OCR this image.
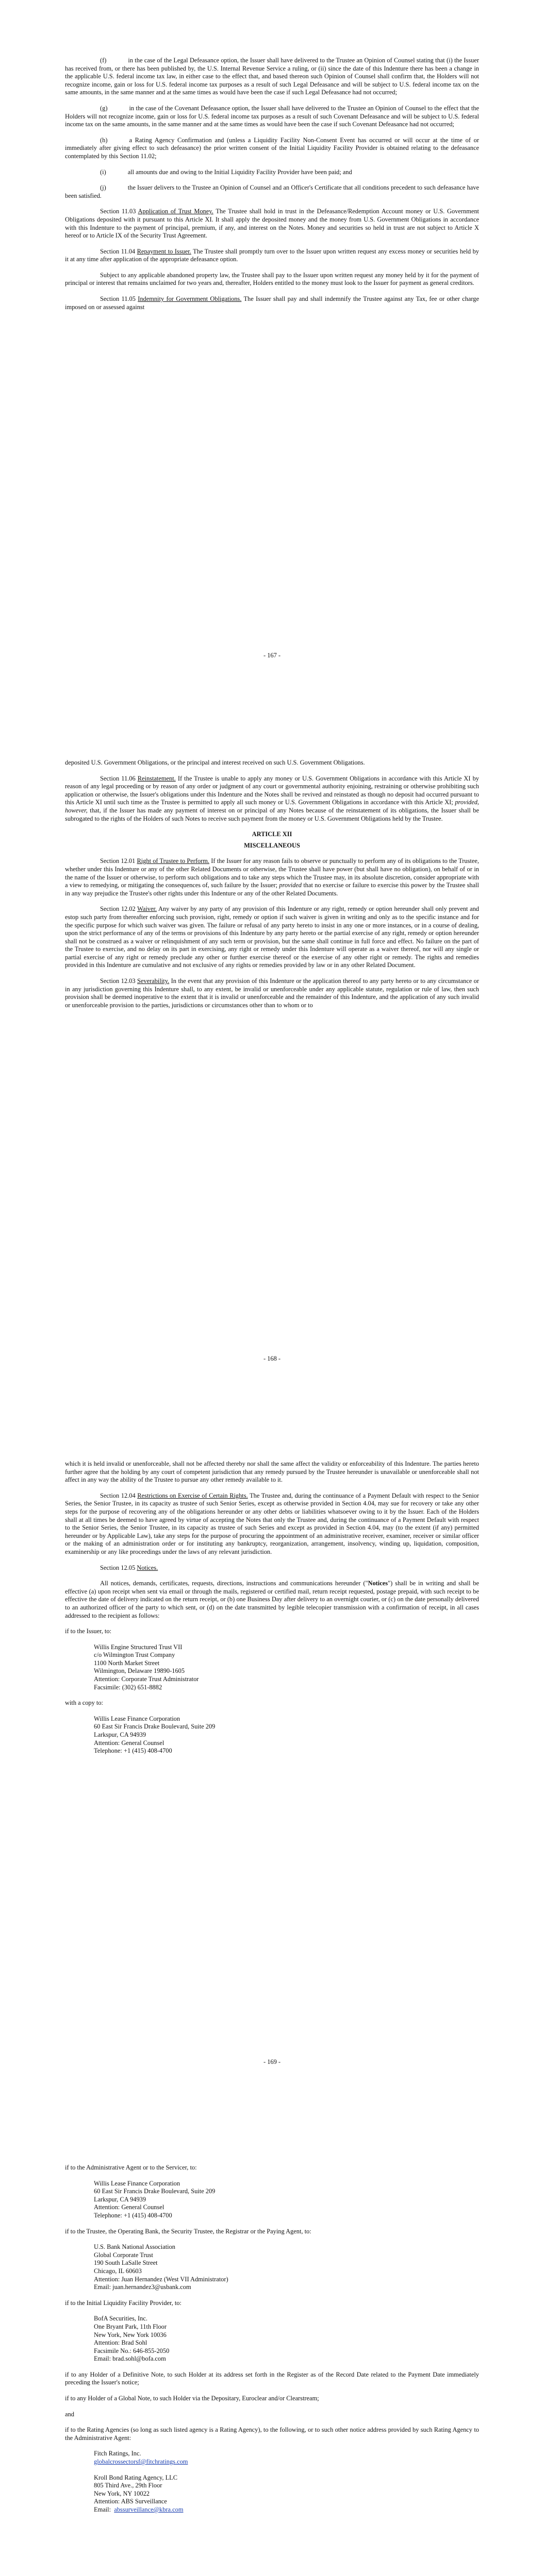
(f)	in the case of the Legal Defeasance option, the Issuer shall have delivered to the Trustee an Opinion of Counsel stating that (i) the Issuer has received from, or there has been published by, the U.S. Internal Revenue Service a ruling, or (ii) since the date of this Indenture there has been a change in the applicable U.S. federal income tax law, in either case to the effect that, and based thereon such Opinion of Counsel shall confirm that, the Holders will not recognize income, gain or loss for U.S. federal income tax purposes as a result of such Legal Defeasance and will be subject to U.S. federal income tax on the same amounts, in the same manner and at the same times as would have been the case if such Legal Defeasance had not occurred;

(g)	in the case of the Covenant Defeasance option, the Issuer shall have delivered to the Trustee an Opinion of Counsel to the effect that the Holders will not recognize income, gain or loss for U.S. federal income tax purposes as a result of such Covenant Defeasance and will be subject to U.S. federal income tax on the same amounts, in the same manner and at the same times as would have been the case if such Covenant Defeasance had not occurred;

(h)	a Rating Agency Confirmation and (unless a Liquidity Facility Non-Consent Event has occurred or will occur at the time of or immediately after giving effect to such defeasance) the prior written consent of the Initial Liquidity Facility Provider is obtained relating to the defeasance contemplated by this Section 11.02;

(i)	all amounts due and owing to the Initial Liquidity Facility Provider have been paid; and

(j)	the Issuer delivers to the Trustee an Opinion of Counsel and an Officer's Certificate that all conditions precedent to such defeasance have been satisfied.

Section 11.03 Application of Trust Money. The Trustee shall hold in trust in the Defeasance/Redemption Account money or U.S. Government Obligations deposited with it pursuant to this Article XI. It shall apply the deposited money and the money from U.S. Government Obligations in accordance with this Indenture to the payment of principal, premium, if any, and interest on the Notes. Money and securities so held in trust are not subject to Article X hereof or to Article IX of the Security Trust Agreement.

Section 11.04 Repayment to Issuer. The Trustee shall promptly turn over to the Issuer upon written request any excess money or securities held by it at any time after application of the appropriate defeasance option.

Subject to any applicable abandoned property law, the Trustee shall pay to the Issuer upon written request any money held by it for the payment of principal or interest that remains unclaimed for two years and, thereafter, Holders entitled to the money must look to the Issuer for payment as general creditors.

Section 11.05 Indemnity for Government Obligations. The Issuer shall pay and shall indemnify the Trustee against any Tax, fee or other charge imposed on or assessed against

- 167 -

deposited U.S. Government Obligations, or the principal and interest received on such U.S. Government Obligations.

Section 11.06 Reinstatement. If the Trustee is unable to apply any money or U.S. Government Obligations in accordance with this Article XI by reason of any legal proceeding or by reason of any order or judgment of any court or governmental authority enjoining, restraining or otherwise prohibiting such application or otherwise, the Issuer's obligations under this Indenture and the Notes shall be revived and reinstated as though no deposit had occurred pursuant to this Article XI until such time as the Trustee is permitted to apply all such money or U.S. Government Obligations in accordance with this Article XI; provided, however, that, if the Issuer has made any payment of interest on or principal of any Notes because of the reinstatement of its obligations, the Issuer shall be subrogated to the rights of the Holders of such Notes to receive such payment from the money or U.S. Government Obligations held by the Trustee.

ARTICLE XII

MISCELLANEOUS

Section 12.01 Right of Trustee to Perform. If the Issuer for any reason fails to observe or punctually to perform any of its obligations to the Trustee, whether under this Indenture or any of the other Related Documents or otherwise, the Trustee shall have power (but shall have no obligation), on behalf of or in the name of the Issuer or otherwise, to perform such obligations and to take any steps which the Trustee may, in its absolute discretion, consider appropriate with a view to remedying, or mitigating the consequences of, such failure by the Issuer; provided that no exercise or failure to exercise this power by the Trustee shall in any way prejudice the Trustee's other rights under this Indenture or any of the other Related Documents.

Section 12.02 Waiver. Any waiver by any party of any provision of this Indenture or any right, remedy or option hereunder shall only prevent and estop such party from thereafter enforcing such provision, right, remedy or option if such waiver is given in writing and only as to the specific instance and for the specific purpose for which such waiver was given. The failure or refusal of any party hereto to insist in any one or more instances, or in a course of dealing, upon the strict performance of any of the terms or provisions of this Indenture by any party hereto or the partial exercise of any right, remedy or option hereunder shall not be construed as a waiver or relinquishment of any such term or provision, but the same shall continue in full force and effect. No failure on the part of the Trustee to exercise, and no delay on its part in exercising, any right or remedy under this Indenture will operate as a waiver thereof, nor will any single or partial exercise of any right or remedy preclude any other or further exercise thereof or the exercise of any other right or remedy. The rights and remedies provided in this Indenture are cumulative and not exclusive of any rights or remedies provided by law or in any other Related Document.

Section 12.03 Severability. In the event that any provision of this Indenture or the application thereof to any party hereto or to any circumstance or in any jurisdiction governing this Indenture shall, to any extent, be invalid or unenforceable under any applicable statute, regulation or rule of law, then such provision shall be deemed inoperative to the extent that it is invalid or unenforceable and the remainder of this Indenture, and the application of any such invalid or unenforceable provision to the parties, jurisdictions or circumstances other than to whom or to

- 168 -

which it is held invalid or unenforceable, shall not be affected thereby nor shall the same affect the validity or enforceability of this Indenture. The parties hereto further agree that the holding by any court of competent jurisdiction that any remedy pursued by the Trustee hereunder is unavailable or unenforceable shall not affect in any way the ability of the Trustee to pursue any other remedy available to it.

Section 12.04 Restrictions on Exercise of Certain Rights. The Trustee and, during the continuance of a Payment Default with respect to the Senior Series, the Senior Trustee, in its capacity as trustee of such Senior Series, except as otherwise provided in Section 4.04, may sue for recovery or take any other steps for the purpose of recovering any of the obligations hereunder or any other debts or liabilities whatsoever owing to it by the Issuer. Each of the Holders shall at all times be deemed to have agreed by virtue of accepting the Notes that only the Trustee and, during the continuance of a Payment Default with respect to the Senior Series, the Senior Trustee, in its capacity as trustee of such Series and except as provided in Section 4.04, may (to the extent (if any) permitted hereunder or by Applicable Law), take any steps for the purpose of procuring the appointment of an administrative receiver, examiner, receiver or similar officer or the making of an administration order or for instituting any bankruptcy, reorganization, arrangement, insolvency, winding up, liquidation, composition, examinership or any like proceedings under the laws of any relevant jurisdiction.

Section 12.05 Notices.

All notices, demands, certificates, requests, directions, instructions and communications hereunder ("Notices") shall be in writing and shall be effective (a) upon receipt when sent via email or through the mails, registered or certified mail, return receipt requested, postage prepaid, with such receipt to be effective the date of delivery indicated on the return receipt, or (b) one Business Day after delivery to an overnight courier, or (c) on the date personally delivered to an authorized officer of the party to which sent, or (d) on the date transmitted by legible telecopier transmission with a confirmation of receipt, in all cases addressed to the recipient as follows:

if to the Issuer, to:

Willis Engine Structured Trust VII
c/o Wilmington Trust Company
1100 North Market Street
Wilmington, Delaware 19890-1605
Attention: Corporate Trust Administrator
Facsimile: (302) 651-8882

with a copy to:

Willis Lease Finance Corporation
60 East Sir Francis Drake Boulevard, Suite 209
Larkspur, CA 94939
Attention: General Counsel
Telephone: +1 (415) 408-4700
- 169 -

if to the Administrative Agent or to the Servicer, to:

Willis Lease Finance Corporation
60 East Sir Francis Drake Boulevard, Suite 209
Larkspur, CA 94939
Attention: General Counsel
Telephone: +1 (415) 408-4700

if to the Trustee, the Operating Bank, the Security Trustee, the Registrar or the Paying Agent, to:

U.S. Bank National Association
Global Corporate Trust
190 South LaSalle Street
Chicago, IL 60603
Attention: Juan Hernandez (West VII Administrator)
Email: juan.hernandez3@usbank.com

if to the Initial Liquidity Facility Provider, to:

BofA Securities, Inc.
One Bryant Park, 11th Floor
New York, New York 10036
Attention: Brad Sohl
Facsimile No.: 646-855-2050
Email: brad.sohl@bofa.com

if to any Holder of a Definitive Note, to such Holder at its address set forth in the Register as of the Record Date related to the Payment Date immediately preceding the Issuer's notice;

if to any Holder of a Global Note, to such Holder via the Depositary, Euroclear and/or Clearstream;

and

if to the Rating Agencies (so long as such listed agency is a Rating Agency), to the following, or to such other notice address provided by such Rating Agency to the Administrative Agent:

Fitch Ratings, Inc.
globalcrossectorsf@fitchratings.com
Kroll Bond Rating Agency, LLC
805 Third Ave., 29th Floor
New York, NY 10022
Attention: ABS Surveillance
Email:  abssurveillance@kbra.com
